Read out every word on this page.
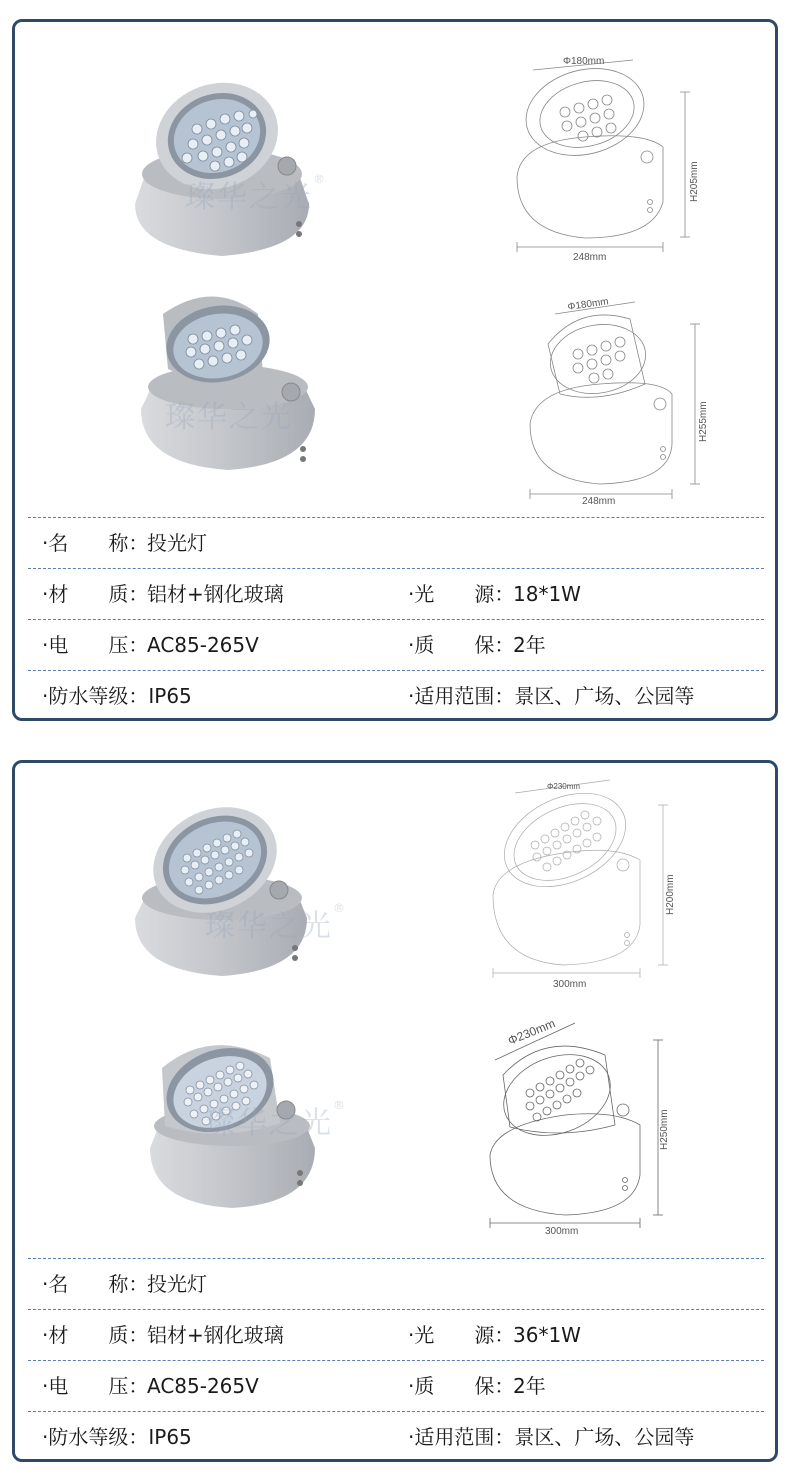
璨华之光®
璨华之光®
Φ180mm
248mm
H205mm
Φ180mm
248mm
H255mm
·名 称：投光灯
·材 质：铝材+钢化玻璃	·光 源：18*1W
·电 压：AC85-265V	·质 保：2年
·防水等级：IP65	·适用范围：景区、广场、公园等
璨华之光®
璨华之光®
Φ230mm
300mm
H200mm
Φ230mm
300mm
H250mm
·名 称：投光灯
·材 质：铝材+钢化玻璃	·光 源：36*1W
·电 压：AC85-265V	·质 保：2年
·防水等级：IP65	·适用范围：景区、广场、公园等
